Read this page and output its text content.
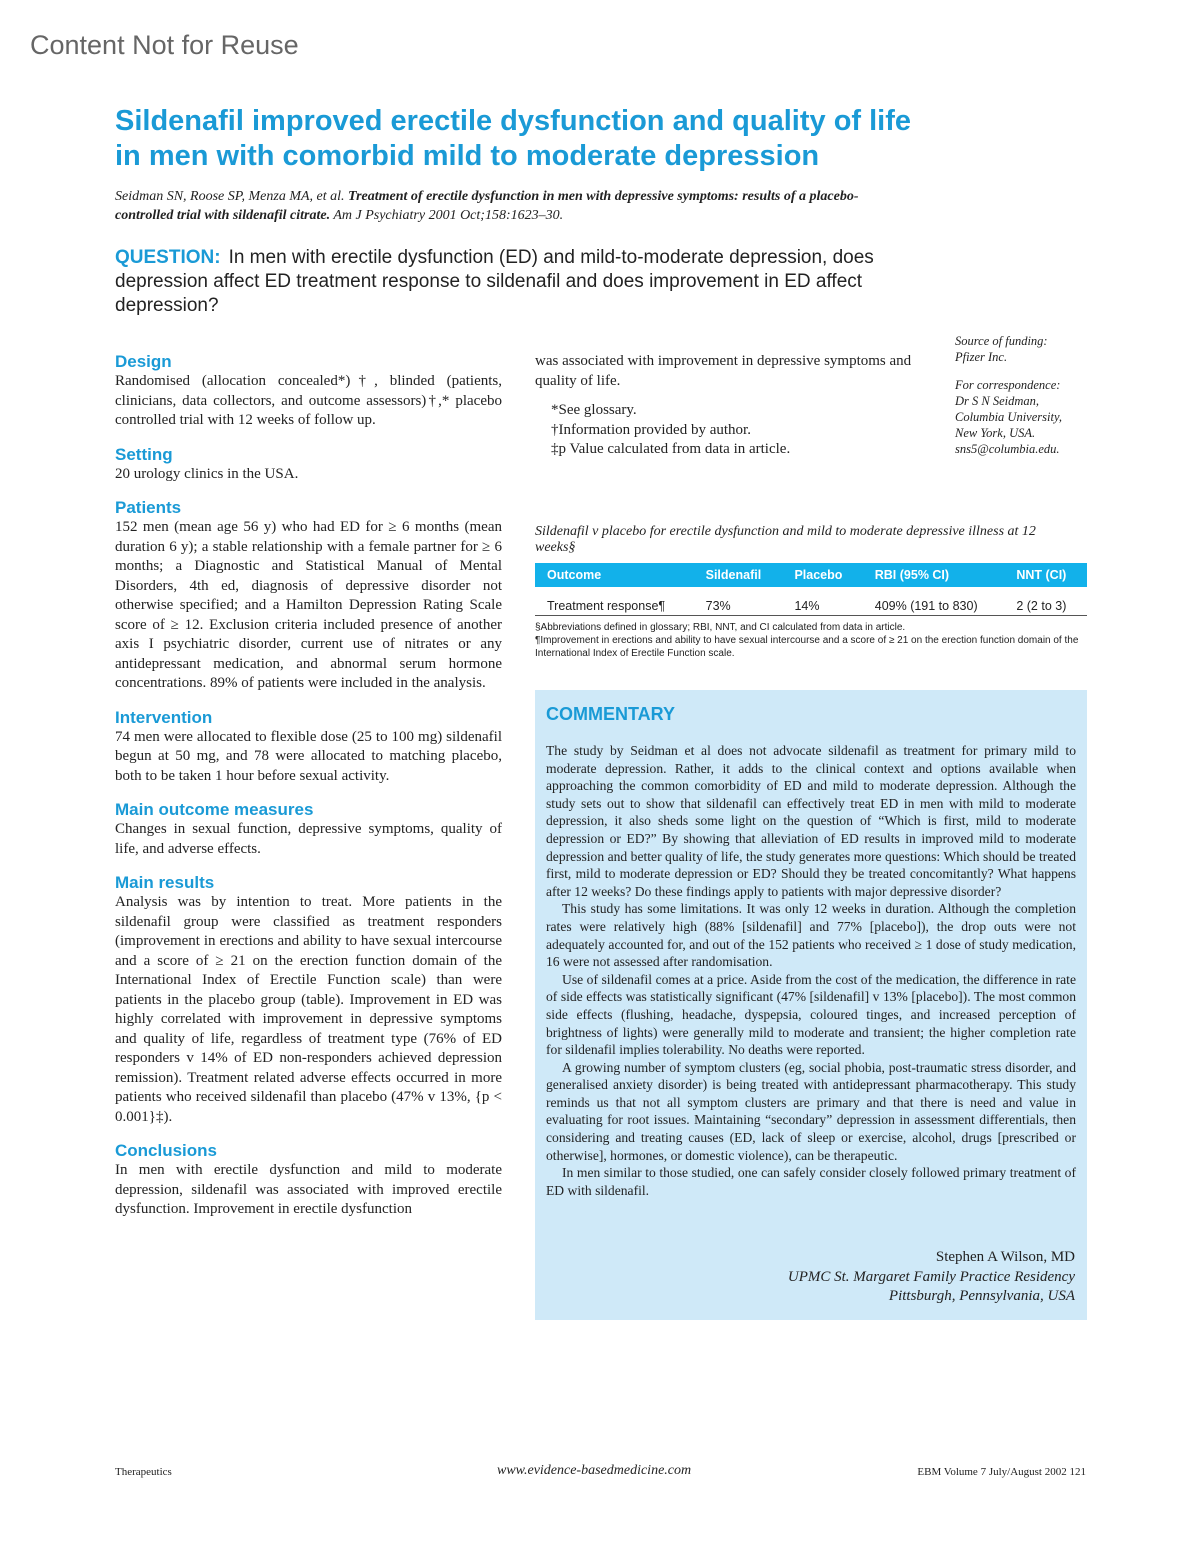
Content Not for Reuse
Sildenafil improved erectile dysfunction and quality of life in men with comorbid mild to moderate depression
Seidman SN, Roose SP, Menza MA, et al. Treatment of erectile dysfunction in men with depressive symptoms: results of a placebo-controlled trial with sildenafil citrate. Am J Psychiatry 2001 Oct;158:1623–30.
QUESTION: In men with erectile dysfunction (ED) and mild-to-moderate depression, does depression affect ED treatment response to sildenafil and does improvement in ED affect depression?
Design

Randomised (allocation concealed*)†, blinded (patients, clinicians, data collectors, and outcome assessors)†,* placebo controlled trial with 12 weeks of follow up.

Setting

20 urology clinics in the USA.

Patients

152 men (mean age 56 y) who had ED for ≥ 6 months (mean duration 6 y); a stable relationship with a female partner for ≥ 6 months; a Diagnostic and Statistical Manual of Mental Disorders, 4th ed, diagnosis of depressive disorder not otherwise specified; and a Hamilton Depression Rating Scale score of ≥ 12. Exclusion criteria included presence of another axis I psychiatric disorder, current use of nitrates or any antidepressant medication, and abnormal serum hormone concentrations. 89% of patients were included in the analysis.

Intervention

74 men were allocated to flexible dose (25 to 100 mg) sildenafil begun at 50 mg, and 78 were allocated to matching placebo, both to be taken 1 hour before sexual activity.

Main outcome measures

Changes in sexual function, depressive symptoms, quality of life, and adverse effects.

Main results

Analysis was by intention to treat. More patients in the sildenafil group were classified as treatment responders (improvement in erections and ability to have sexual intercourse and a score of ≥ 21 on the erection function domain of the International Index of Erectile Function scale) than were patients in the placebo group (table). Improvement in ED was highly correlated with improvement in depressive symptoms and quality of life, regardless of treatment type (76% of ED responders v 14% of ED non-responders achieved depression remission). Treatment related adverse effects occurred in more patients who received sildenafil than placebo (47% v 13%, {p < 0.001}‡).

Conclusions

In men with erectile dysfunction and mild to moderate depression, sildenafil was associated with improved erectile dysfunction. Improvement in erectile dysfunction

was associated with improvement in depressive symptoms and quality of life.

*See glossary.
†Information provided by author.
‡p Value calculated from data in article.

Source of funding:
Pfizer Inc.

For correspondence:
Dr S N Seidman,
Columbia University,
New York, USA.
sns5@columbia.edu.

Sildenafil v placebo for erectile dysfunction and mild to moderate depressive illness at 12 weeks§
Outcome	Sildenafil	Placebo	RBI (95% CI)	NNT (CI)
Treatment response¶	73%	14%	409% (191 to 830)	2 (2 to 3)
§Abbreviations defined in glossary; RBI, NNT, and CI calculated from data in article.
¶Improvement in erections and ability to have sexual intercourse and a score of ≥ 21 on the erection function domain of the International Index of Erectile Function scale.
COMMENTARY

The study by Seidman et al does not advocate sildenafil as treatment for primary mild to moderate depression. Rather, it adds to the clinical context and options available when approaching the common comorbidity of ED and mild to moderate depression. Although the study sets out to show that sildenafil can effectively treat ED in men with mild to moderate depression, it also sheds some light on the question of “Which is first, mild to moderate depression or ED?” By showing that alleviation of ED results in improved mild to moderate depression and better quality of life, the study generates more questions: Which should be treated first, mild to moderate depression or ED? Should they be treated concomitantly? What happens after 12 weeks? Do these findings apply to patients with major depressive disorder?

This study has some limitations. It was only 12 weeks in duration. Although the completion rates were relatively high (88% [sildenafil] and 77% [placebo]), the drop outs were not adequately accounted for, and out of the 152 patients who received ≥ 1 dose of study medication, 16 were not assessed after randomisation.

Use of sildenafil comes at a price. Aside from the cost of the medication, the difference in rate of side effects was statistically significant (47% [sildenafil] v 13% [placebo]). The most common side effects (flushing, headache, dyspepsia, coloured tinges, and increased perception of brightness of lights) were generally mild to moderate and transient; the higher completion rate for sildenafil implies tolerability. No deaths were reported.

A growing number of symptom clusters (eg, social phobia, post-traumatic stress disorder, and generalised anxiety disorder) is being treated with antidepressant pharmacotherapy. This study reminds us that not all symptom clusters are primary and that there is need and value in evaluating for root issues. Maintaining “secondary” depression in assessment differentials, then considering and treating causes (ED, lack of sleep or exercise, alcohol, drugs [prescribed or otherwise], hormones, or domestic violence), can be therapeutic.

In men similar to those studied, one can safely consider closely followed primary treatment of ED with sildenafil.

Stephen A Wilson, MD
UPMC St. Margaret Family Practice Residency
Pittsburgh, Pennsylvania, USA
Therapeutics	www.evidence-basedmedicine.com	EBM Volume 7 July/August 2002 121
